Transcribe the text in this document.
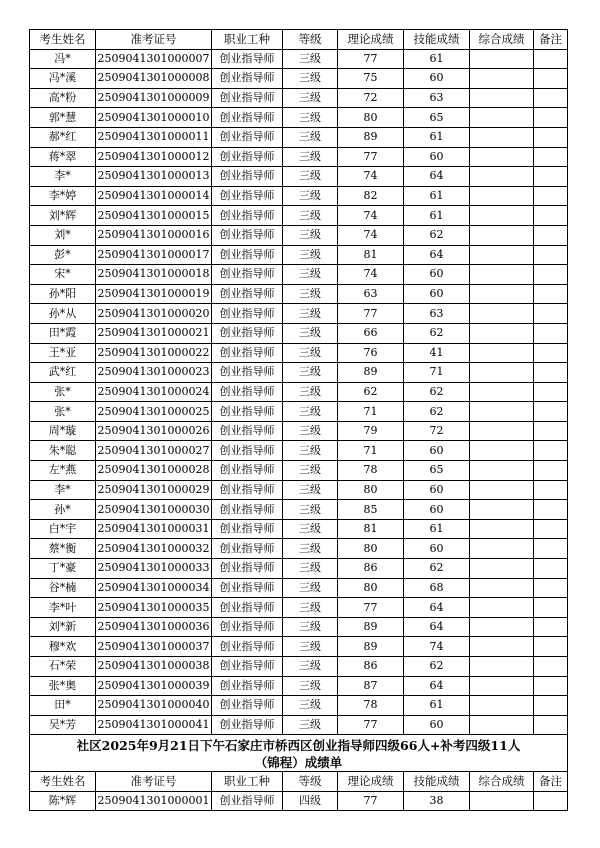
考生姓名	准考证号	职业工种	等级	理论成绩	技能成绩	综合成绩	备注
冯*	2509041301000007	创业指导师	三级	77	61		
冯*溪	2509041301000008	创业指导师	三级	75	60		
高*粉	2509041301000009	创业指导师	三级	72	63		
郭*慧	2509041301000010	创业指导师	三级	80	65		
郝*红	2509041301000011	创业指导师	三级	89	61		
蒋*翠	2509041301000012	创业指导师	三级	77	60		
李*	2509041301000013	创业指导师	三级	74	64		
李*婷	2509041301000014	创业指导师	三级	82	61		
刘*辉	2509041301000015	创业指导师	三级	74	61		
刘*	2509041301000016	创业指导师	三级	74	62		
彭*	2509041301000017	创业指导师	三级	81	64		
宋*	2509041301000018	创业指导师	三级	74	60		
孙*阳	2509041301000019	创业指导师	三级	63	60		
孙*从	2509041301000020	创业指导师	三级	77	63		
田*霞	2509041301000021	创业指导师	三级	66	62		
王*亚	2509041301000022	创业指导师	三级	76	41		
武*红	2509041301000023	创业指导师	三级	89	71		
张*	2509041301000024	创业指导师	三级	62	62		
张*	2509041301000025	创业指导师	三级	71	62		
周*璇	2509041301000026	创业指导师	三级	79	72		
朱*聪	2509041301000027	创业指导师	三级	71	60		
左*燕	2509041301000028	创业指导师	三级	78	65		
李*	2509041301000029	创业指导师	三级	80	60		
孙*	2509041301000030	创业指导师	三级	85	60		
白*宇	2509041301000031	创业指导师	三级	81	61		
蔡*衡	2509041301000032	创业指导师	三级	80	60		
丁*豪	2509041301000033	创业指导师	三级	86	62		
谷*楠	2509041301000034	创业指导师	三级	80	68		
李*叶	2509041301000035	创业指导师	三级	77	64		
刘*新	2509041301000036	创业指导师	三级	89	64		
穆*欢	2509041301000037	创业指导师	三级	89	74		
石*荣	2509041301000038	创业指导师	三级	86	62		
张*奥	2509041301000039	创业指导师	三级	87	64		
田*	2509041301000040	创业指导师	三级	78	61		
吴*芳	2509041301000041	创业指导师	三级	77	60		

社区2025年9月21日下午石家庄市桥西区创业指导师四级66人+补考四级11人
（锦程）成绩单							
考生姓名	准考证号	职业工种	等级	理论成绩	技能成绩	综合成绩	备注
陈*辉	2509041301000001	创业指导师	四级	77	38		
